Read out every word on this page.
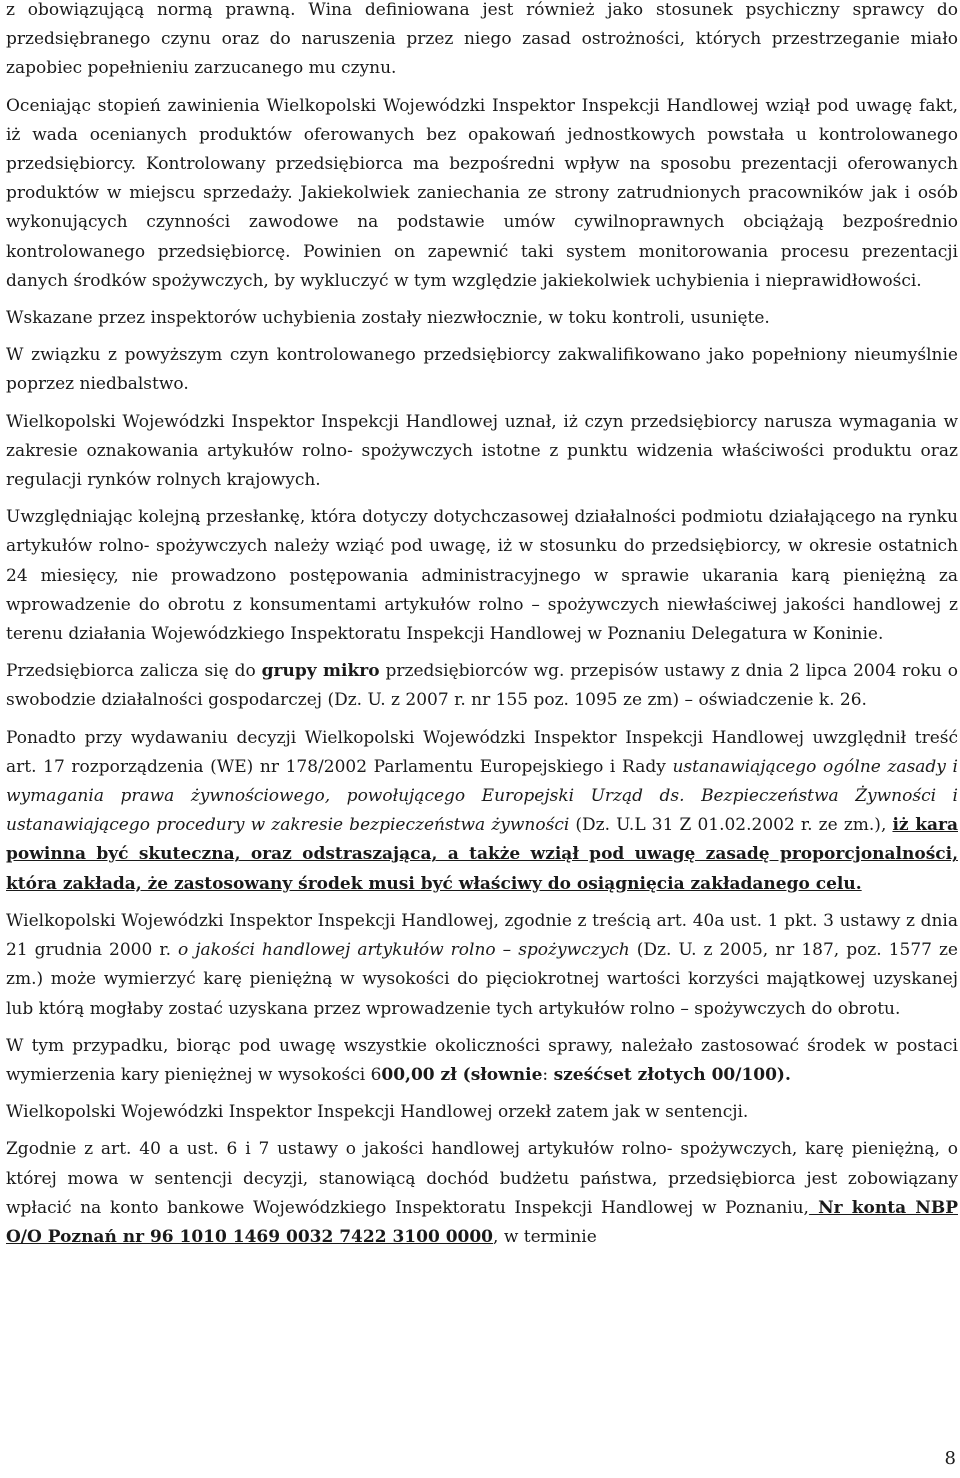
z obowiązującą normą prawną. Wina definiowana jest również jako stosunek psychiczny sprawcy do przedsiębranego czynu oraz do naruszenia przez niego zasad ostrożności, których przestrzeganie miało zapobiec popełnieniu zarzucanego mu czynu.

Oceniając stopień zawinienia Wielkopolski Wojewódzki Inspektor Inspekcji Handlowej wziął pod uwagę fakt, iż wada ocenianych produktów oferowanych bez opakowań jednostkowych powstała u kontrolowanego przedsiębiorcy. Kontrolowany przedsiębiorca ma bezpośredni wpływ na sposobu prezentacji oferowanych produktów w miejscu sprzedaży. Jakiekolwiek zaniechania ze strony zatrudnionych pracowników jak i osób wykonujących czynności zawodowe na podstawie umów cywilnoprawnych obciążają bezpośrednio kontrolowanego przedsiębiorcę. Powinien on zapewnić taki system monitorowania procesu prezentacji danych środków spożywczych, by wykluczyć w tym względzie jakiekolwiek uchybienia i nieprawidłowości.

Wskazane przez inspektorów uchybienia zostały niezwłocznie, w toku kontroli, usunięte.

W związku z powyższym czyn kontrolowanego przedsiębiorcy zakwalifikowano jako popełniony nieumyślnie poprzez niedbalstwo.

Wielkopolski Wojewódzki Inspektor Inspekcji Handlowej uznał, iż czyn przedsiębiorcy narusza wymagania w zakresie oznakowania artykułów rolno- spożywczych istotne z punktu widzenia właściwości produktu oraz regulacji rynków rolnych krajowych.

Uwzględniając kolejną przesłankę, która dotyczy dotychczasowej działalności podmiotu działającego na rynku artykułów rolno- spożywczych należy wziąć pod uwagę, iż w stosunku do przedsiębiorcy, w okresie ostatnich 24 miesięcy, nie prowadzono postępowania administracyjnego w sprawie ukarania karą pieniężną za wprowadzenie do obrotu z konsumentami artykułów rolno – spożywczych niewłaściwej jakości handlowej z terenu działania Wojewódzkiego Inspektoratu Inspekcji Handlowej w Poznaniu Delegatura w Koninie.

Przedsiębiorca zalicza się do grupy mikro przedsiębiorców wg. przepisów ustawy z dnia 2 lipca 2004 roku o swobodzie działalności gospodarczej (Dz. U. z 2007 r. nr 155 poz. 1095 ze zm) – oświadczenie k. 26.

Ponadto przy wydawaniu decyzji Wielkopolski Wojewódzki Inspektor Inspekcji Handlowej uwzględnił treść art. 17 rozporządzenia (WE) nr 178/2002 Parlamentu Europejskiego i Rady ustanawiającego ogólne zasady i wymagania prawa żywnościowego, powołującego Europejski Urząd ds. Bezpieczeństwa Żywności i ustanawiającego procedury w zakresie bezpieczeństwa żywności (Dz. U.L 31 Z 01.02.2002 r. ze zm.), iż kara powinna być skuteczna, oraz odstraszająca, a także wziął pod uwagę zasadę proporcjonalności, która zakłada, że zastosowany środek musi być właściwy do osiągnięcia zakładanego celu.

Wielkopolski Wojewódzki Inspektor Inspekcji Handlowej, zgodnie z treścią art. 40a ust. 1 pkt. 3 ustawy z dnia 21 grudnia 2000 r. o jakości handlowej artykułów rolno – spożywczych (Dz. U. z 2005, nr 187, poz. 1577 ze zm.) może wymierzyć karę pieniężną w wysokości do pięciokrotnej wartości korzyści majątkowej uzyskanej lub którą mogłaby zostać uzyskana przez wprowadzenie tych artykułów rolno – spożywczych do obrotu.

W tym przypadku, biorąc pod uwagę wszystkie okoliczności sprawy, należało zastosować środek w postaci wymierzenia kary pieniężnej w wysokości 600,00 zł (słownie: sześćset złotych 00/100).

Wielkopolski Wojewódzki Inspektor Inspekcji Handlowej orzekł zatem jak w sentencji.

Zgodnie z art. 40 a ust. 6 i 7 ustawy o jakości handlowej artykułów rolno- spożywczych, karę pieniężną, o której mowa w sentencji decyzji, stanowiącą dochód budżetu państwa, przedsiębiorca jest zobowiązany wpłacić na konto bankowe Wojewódzkiego Inspektoratu Inspekcji Handlowej w Poznaniu, Nr konta NBP O/O Poznań nr 96 1010 1469 0032 7422 3100 0000, w terminie

8
